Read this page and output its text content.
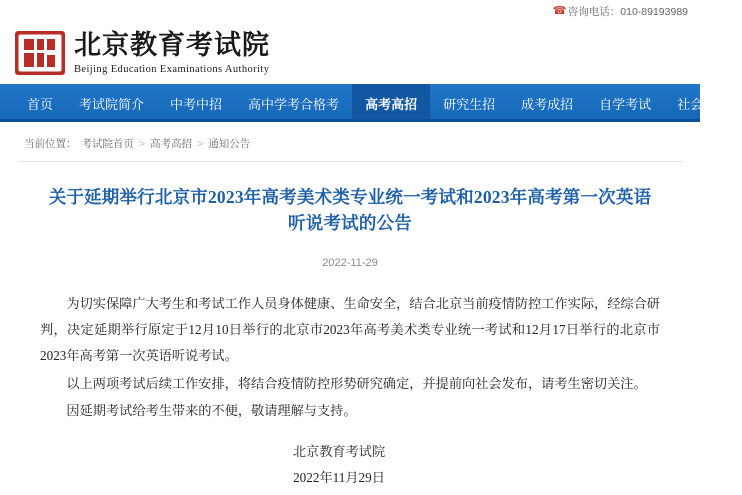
☎ 咨询电话：010-89193989
北京教育考试院
Beijing Education Examinations Authority
首页	考试院简介	中考中招	高中学考合格考	高考高招	研究生招	成考成招	自学考试	社会考试
当前位置： 考试院首页 > 高考高招 > 通知公告
关于延期举行北京市2023年高考美术类专业统一考试和2023年高考第一次英语听说考试的公告
2022-11-29

为切实保障广大考生和考试工作人员身体健康、生命安全，结合北京当前疫情防控工作实际，经综合研判，决定延期举行原定于12月10日举行的北京市2023年高考美术类专业统一考试和12月17日举行的北京市2023年高考第一次英语听说考试。

以上两项考试后续工作安排，将结合疫情防控形势研究确定，并提前向社会发布，请考生密切关注。

因延期考试给考生带来的不便，敬请理解与支持。

北京教育考试院
2022年11月29日
